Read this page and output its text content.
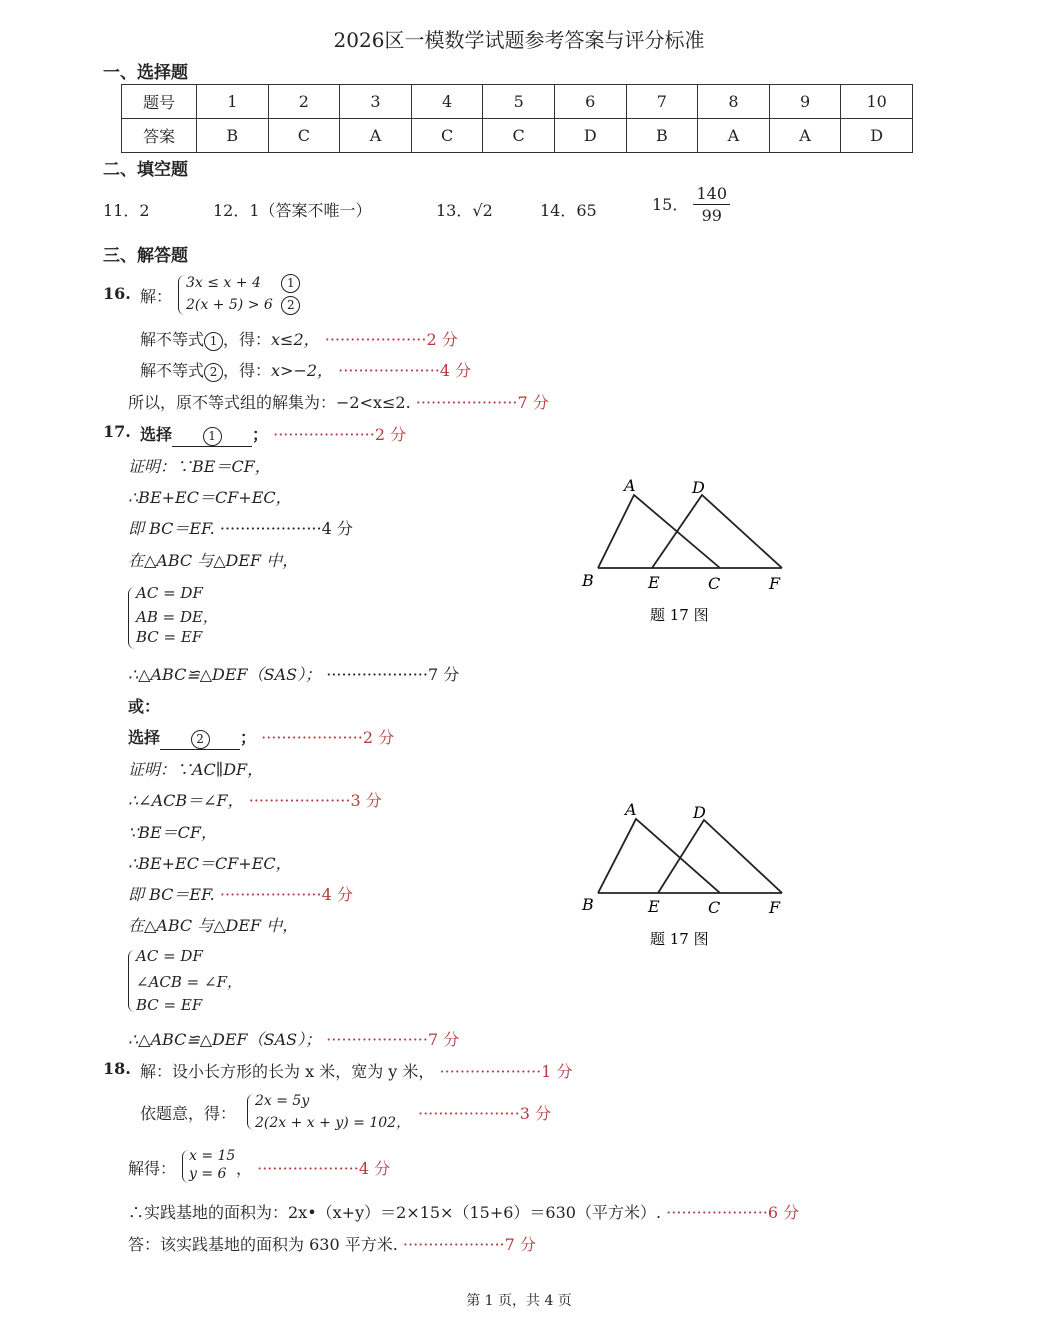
2026区一模数学试题参考答案与评分标准
一、选择题
题号	1	2	3	4	5	6	7	8	9	10
答案	B	C	A	C	C	D	B	A	A	D
二、填空题
11．2	12．1（答案不唯一）	13．√2	14．65	15． $\frac{140}{99}$
三、解答题
16. 解：
3x ≤ x + 4 1
2(x + 5) > 6 2
解不等式 1 ，得：x≤2， ····················2 分
解不等式 2 ，得：x>−2， ····················4 分
所以，原不等式组的解集为：−2<x≤2. ····················7 分
17. 选择	1 ； ····················2 分
证明：∵BE＝CF，
∴BE+EC＝CF+EC，
即 BC＝EF. ····················4 分
在△ABC 与△DEF 中，
AC = DF
AB = DE，
BC = EF
∴△ABC≌△DEF（SAS）； ····················7 分
或：
选择	2 ； ····················2 分
证明：∵AC∥DF，
∴∠ACB＝∠F， ····················3 分
∵BE＝CF，
∴BE+EC＝CF+EC，
即 BC＝EF. ····················4 分
在△ABC 与△DEF 中，
AC = DF
∠ACB = ∠F，
BC = EF
∴△ABC≌△DEF（SAS）； ····················7 分
A	D
B	E	C	F
题 17 图
A	D
B	E	C	F
题 17 图
18. 解：设小长方形的长为 x 米，宽为 y 米， ····················1 分
依题意，得：
2x = 5y
2(2x + x + y) = 102， ····················3 分
解得：
x = 15
y = 6 ， ····················4 分
∴实践基地的面积为：2x•（x+y）＝2×15×（15+6）＝630（平方米）. ····················6 分
答：该实践基地的面积为 630 平方米. ····················7 分
第 1 页，共 4 页
